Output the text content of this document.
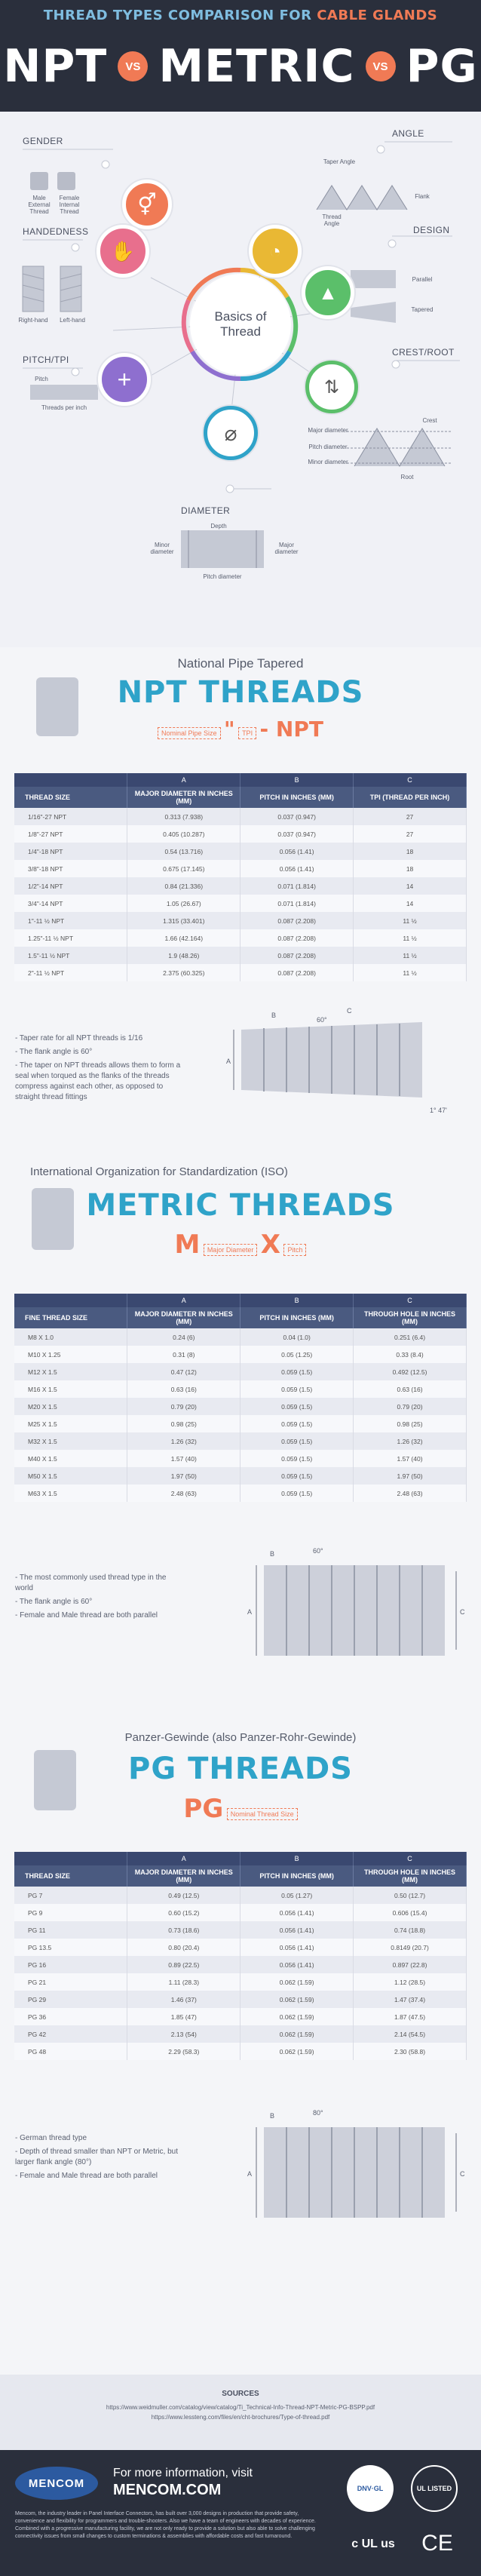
THREAD TYPES COMPARISON FOR CABLE GLANDS
NPT	VS METRIC	VS PG
⚥
◔
✋
▲
⇅
+
⌀
Basics of
Thread
GENDER
Male
External
Thread
Female
Internal
Thread
HANDEDNESS
Right-hand	Left-hand
PITCH/TPI
Pitch
Threads per inch
ANGLE
Taper Angle
Thread Angle
Flank
DESIGN
Parallel
Tapered
CREST/ROOT
Crest
Major diameter
Pitch diameter
Minor diameter
Root
DIAMETER
Depth
Major diameter
Minor diameter
Pitch diameter
National Pipe Tapered
NPT THREADS
Nominal Pipe Size " TPI - NPT
	A	B	C
THREAD SIZE	MAJOR DIAMETER IN INCHES (MM)	PITCH IN INCHES (MM)	TPI (THREAD PER INCH)
1/16"-27 NPT	0.313 (7.938)	0.037 (0.947)	27
1/8"-27 NPT	0.405 (10.287)	0.037 (0.947)	27
1/4"-18 NPT	0.54 (13.716)	0.056 (1.41)	18
3/8"-18 NPT	0.675 (17.145)	0.056 (1.41)	18
1/2"-14 NPT	0.84 (21.336)	0.071 (1.814)	14
3/4"-14 NPT	1.05 (26.67)	0.071 (1.814)	14
1"-11 ½ NPT	1.315 (33.401)	0.087 (2.208)	11 ½
1.25"-11 ½ NPT	1.66 (42.164)	0.087 (2.208)	11 ½
1.5"-11 ½ NPT	1.9 (48.26)	0.087 (2.208)	11 ½
2"-11 ½ NPT	2.375 (60.325)	0.087 (2.208)	11 ½

- Taper rate for all NPT threads is 1/16

- The flank angle is 60°

- The taper on NPT threads allows them to form a seal when torqued as the flanks of the threads compress against each other, as opposed to straight thread fittings

A
B
C
60°
1° 47'
International Organization for Standardization (ISO)
METRIC THREADS
M Major Diameter X Pitch
	A	B	C
FINE THREAD SIZE	MAJOR DIAMETER IN INCHES (MM)	PITCH IN INCHES (MM)	THROUGH HOLE IN INCHES (MM)
M8 X 1.0	0.24 (6)	0.04 (1.0)	0.251 (6.4)
M10 X 1.25	0.31 (8)	0.05 (1.25)	0.33 (8.4)
M12 X 1.5	0.47 (12)	0.059 (1.5)	0.492 (12.5)
M16 X 1.5	0.63 (16)	0.059 (1.5)	0.63 (16)
M20 X 1.5	0.79 (20)	0.059 (1.5)	0.79 (20)
M25 X 1.5	0.98 (25)	0.059 (1.5)	0.98 (25)
M32 X 1.5	1.26 (32)	0.059 (1.5)	1.26 (32)
M40 X 1.5	1.57 (40)	0.059 (1.5)	1.57 (40)
M50 X 1.5	1.97 (50)	0.059 (1.5)	1.97 (50)
M63 X 1.5	2.48 (63)	0.059 (1.5)	2.48 (63)

- The most commonly used thread type in the world

- The flank angle is 60°

- Female and Male thread are both parallel	A
B
C
60°
Panzer-Gewinde (also Panzer-Rohr-Gewinde)
PG THREADS
PG Nominal Thread Size
	A	B	C
THREAD SIZE	MAJOR DIAMETER IN INCHES (MM)	PITCH IN INCHES (MM)	THROUGH HOLE IN INCHES (MM)
PG 7	0.49 (12.5)	0.05 (1.27)	0.50 (12.7)
PG 9	0.60 (15.2)	0.056 (1.41)	0.606 (15.4)
PG 11	0.73 (18.6)	0.056 (1.41)	0.74 (18.8)
PG 13.5	0.80 (20.4)	0.056 (1.41)	0.8149 (20.7)
PG 16	0.89 (22.5)	0.056 (1.41)	0.897 (22.8)
PG 21	1.11 (28.3)	0.062 (1.59)	1.12 (28.5)
PG 29	1.46 (37)	0.062 (1.59)	1.47 (37.4)
PG 36	1.85 (47)	0.062 (1.59)	1.87 (47.5)
PG 42	2.13 (54)	0.062 (1.59)	2.14 (54.5)
PG 48	2.29 (58.3)	0.062 (1.59)	2.30 (58.8)

- German thread type

- Depth of thread smaller than NPT or Metric, but larger flank angle (80°)

- Female and Male thread are both parallel	A
B
C
80°
SOURCES
https://www.weidmuller.com/catalog/view/catalog/Ti_Technical-Info-Thread-NPT-Metric-PG-BSPP.pdf
https://www.lessteng.com/files/en/cht-brochures/Type-of-thread.pdf
MENCOM
For more information, visit
MENCOM.COM
Mencom, the industry leader in Panel Interface Connectors, has built over 3,000 designs in production that provide safety, convenience and flexibility for programmers and trouble-shooters. Also we have a team of engineers with decades of experience. Combined with a progressive manufacturing facility, we are not only ready to provide a solution but also able to solve challenging connectivity issues from small changes to custom terminations & assemblies with affordable costs and fast turnaround.
DNV·GL	UL LISTED
c UL us	CE
